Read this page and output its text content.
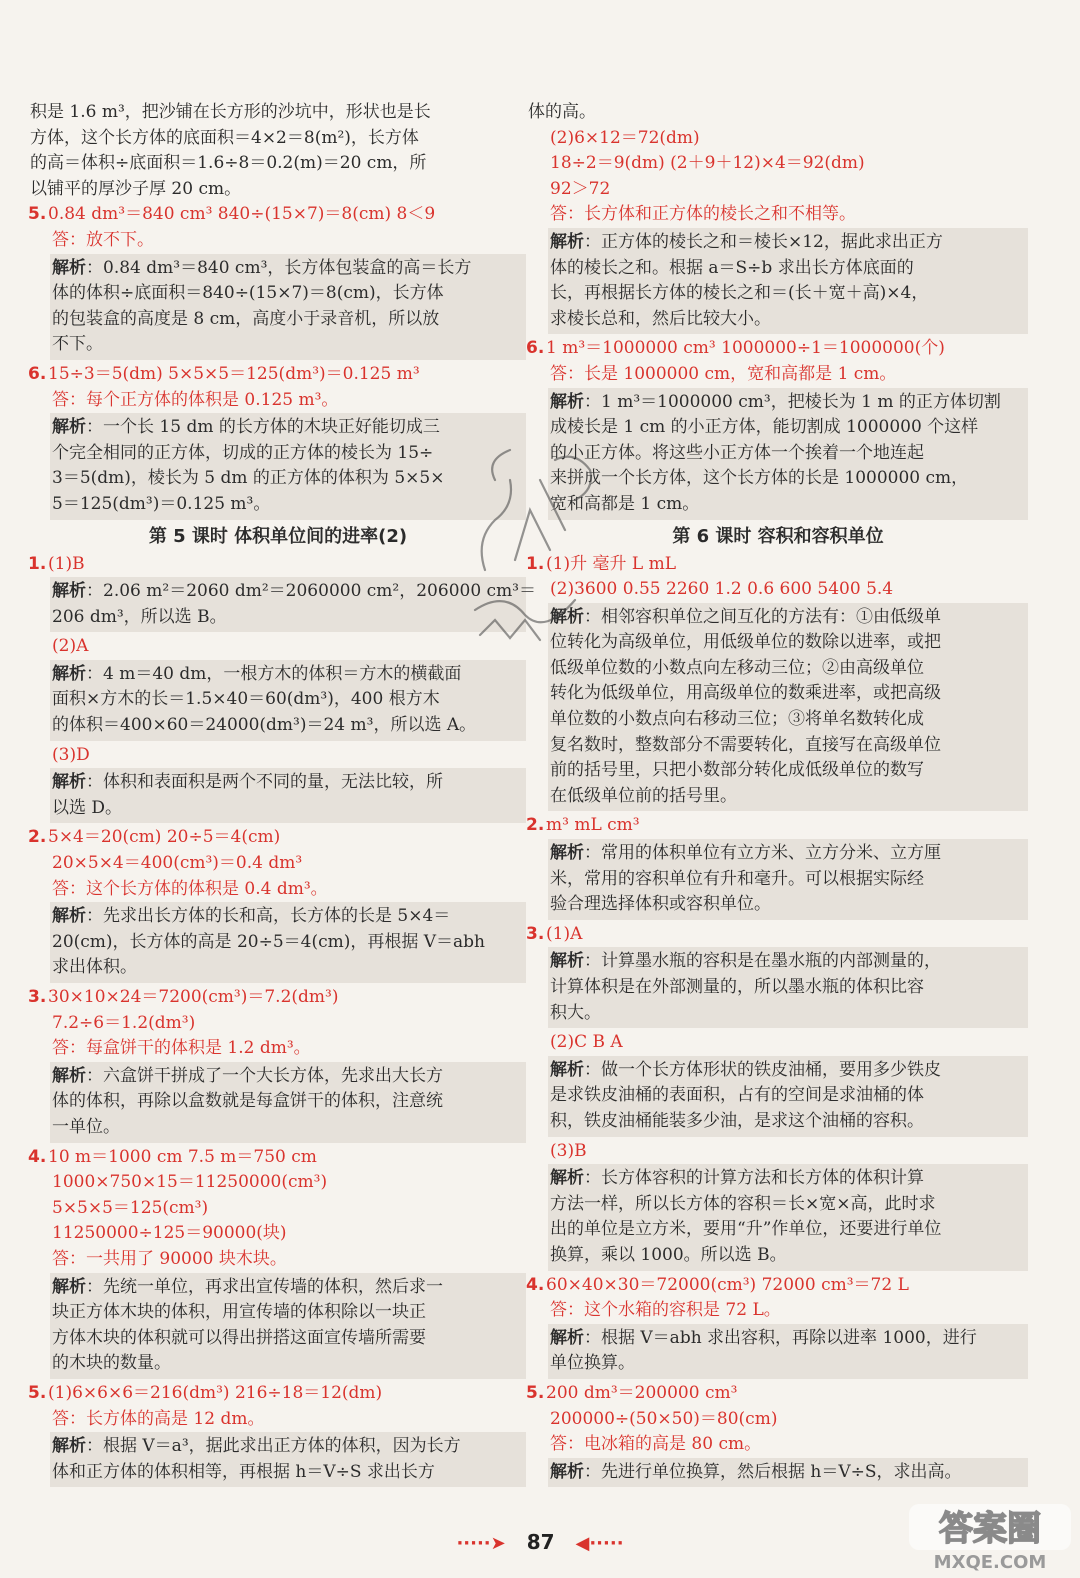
积是 1.6 m³，把沙铺在长方形的沙坑中，形状也是长
方体，这个长方体的底面积＝4×2＝8(m²)，长方体
的高＝体积÷底面积＝1.6÷8＝0.2(m)＝20 cm，所
以铺平的厚沙子厚 20 cm。
5. 0.84 dm³＝840 cm³ 840÷(15×7)＝8(cm) 8＜9
答：放不下。
解析：0.84 dm³＝840 cm³，长方体包装盒的高＝长方
体的体积÷底面积＝840÷(15×7)＝8(cm)，长方体
的包装盒的高度是 8 cm，高度小于录音机，所以放
不下。
6. 15÷3＝5(dm) 5×5×5＝125(dm³)＝0.125 m³
答：每个正方体的体积是 0.125 m³。
解析：一个长 15 dm 的长方体的木块正好能切成三
个完全相同的正方体，切成的正方体的棱长为 15÷
3＝5(dm)，棱长为 5 dm 的正方体的体积为 5×5×
5＝125(dm³)＝0.125 m³。
第 5 课时 体积单位间的进率(2)
1. (1)B
解析：2.06 m²＝2060 dm²＝2060000 cm²，206000 cm³＝
206 dm³，所以选 B。
(2)A
解析：4 m＝40 dm，一根方木的体积＝方木的横截面
面积×方木的长＝1.5×40＝60(dm³)，400 根方木
的体积＝400×60＝24000(dm³)＝24 m³，所以选 A。
(3)D
解析：体积和表面积是两个不同的量，无法比较，所
以选 D。
2. 5×4＝20(cm) 20÷5＝4(cm)
20×5×4＝400(cm³)＝0.4 dm³
答：这个长方体的体积是 0.4 dm³。
解析：先求出长方体的长和高，长方体的长是 5×4＝
20(cm)，长方体的高是 20÷5＝4(cm)，再根据 V＝abh
求出体积。
3. 30×10×24＝7200(cm³)＝7.2(dm³)
7.2÷6＝1.2(dm³)
答：每盒饼干的体积是 1.2 dm³。
解析：六盒饼干拼成了一个大长方体，先求出大长方
体的体积，再除以盒数就是每盒饼干的体积，注意统
一单位。
4. 10 m＝1000 cm 7.5 m＝750 cm
1000×750×15＝11250000(cm³)
5×5×5＝125(cm³)
11250000÷125＝90000(块)
答：一共用了 90000 块木块。
解析：先统一单位，再求出宣传墙的体积，然后求一
块正方体木块的体积，用宣传墙的体积除以一块正
方体木块的体积就可以得出拼搭这面宣传墙所需要
的木块的数量。
5. (1)6×6×6＝216(dm³) 216÷18＝12(dm)
答：长方体的高是 12 dm。
解析：根据 V＝a³，据此求出正方体的体积，因为长方
体和正方体的体积相等，再根据 h＝V÷S 求出长方
体的高。
(2)6×12＝72(dm)
18÷2＝9(dm) (2＋9＋12)×4＝92(dm)
92＞72
答：长方体和正方体的棱长之和不相等。
解析：正方体的棱长之和＝棱长×12，据此求出正方
体的棱长之和。根据 a＝S÷b 求出长方体底面的
长，再根据长方体的棱长之和＝(长＋宽＋高)×4，
求棱长总和，然后比较大小。
6. 1 m³＝1000000 cm³ 1000000÷1＝1000000(个)
答：长是 1000000 cm，宽和高都是 1 cm。
解析：1 m³＝1000000 cm³，把棱长为 1 m 的正方体切割
成棱长是 1 cm 的小正方体，能切割成 1000000 个这样
的小正方体。将这些小正方体一个挨着一个地连起
来拼成一个长方体，这个长方体的长是 1000000 cm，
宽和高都是 1 cm。
第 6 课时 容积和容积单位
1. (1)升 毫升 L mL
(2)3600 0.55 2260 1.2 0.6 600 5400 5.4
解析：相邻容积单位之间互化的方法有：①由低级单
位转化为高级单位，用低级单位的数除以进率，或把
低级单位数的小数点向左移动三位；②由高级单位
转化为低级单位，用高级单位的数乘进率，或把高级
单位数的小数点向右移动三位；③将单名数转化成
复名数时，整数部分不需要转化，直接写在高级单位
前的括号里，只把小数部分转化成低级单位的数写
在低级单位前的括号里。
2. m³ mL cm³
解析：常用的体积单位有立方米、立方分米、立方厘
米，常用的容积单位有升和毫升。可以根据实际经
验合理选择体积或容积单位。
3. (1)A
解析：计算墨水瓶的容积是在墨水瓶的内部测量的，
计算体积是在外部测量的，所以墨水瓶的体积比容
积大。
(2)C B A
解析：做一个长方体形状的铁皮油桶，要用多少铁皮
是求铁皮油桶的表面积，占有的空间是求油桶的体
积，铁皮油桶能装多少油，是求这个油桶的容积。
(3)B
解析：长方体容积的计算方法和长方体的体积计算
方法一样，所以长方体的容积＝长×宽×高，此时求
出的单位是立方米，要用“升”作单位，还要进行单位
换算，乘以 1000。所以选 B。
4. 60×40×30＝72000(cm³) 72000 cm³＝72 L
答：这个水箱的容积是 72 L。
解析：根据 V＝abh 求出容积，再除以进率 1000，进行
单位换算。
5. 200 dm³＝200000 cm³
200000÷(50×50)＝80(cm)
答：电冰箱的高是 80 cm。
解析：先进行单位换算，然后根据 h＝V÷S，求出高。
·····➤ 87 ◀·····	答案圈
MXQE.COM
